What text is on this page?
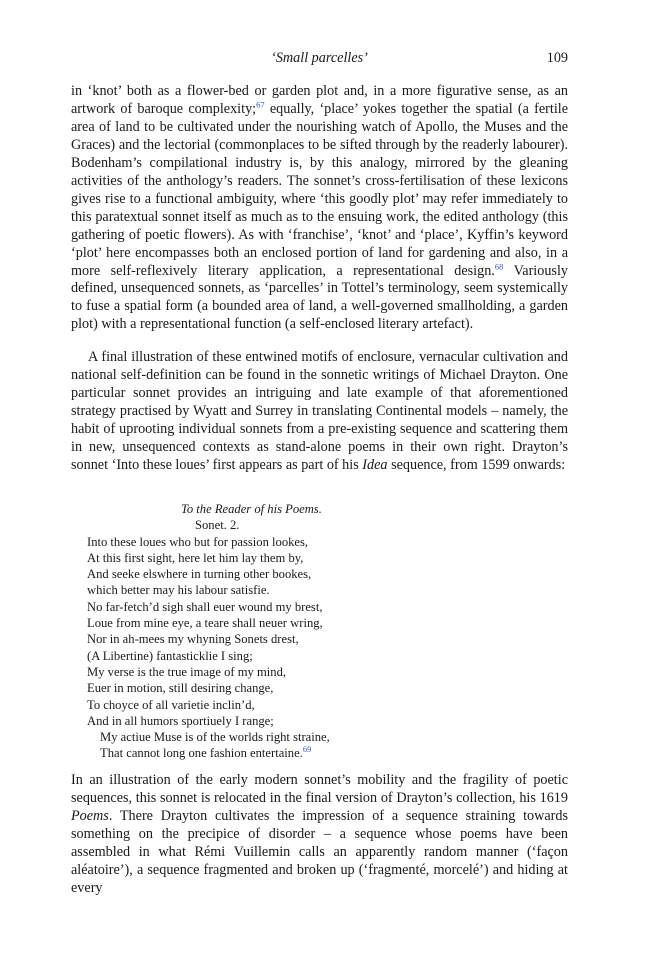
‘Small parcelles’	109

in ‘knot’ both as a flower-bed or garden plot and, in a more figurative sense, as an artwork of baroque complexity;$^{67}$ equally, ‘place’ yokes together the spatial (a fertile area of land to be cultivated under the nourishing watch of Apollo, the Muses and the Graces) and the lectorial (commonplaces to be sifted through by the readerly labourer). Bodenham’s compilational industry is, by this analogy, mirrored by the gleaning activities of the anthology’s readers. The sonnet’s cross-fertilisation of these lexicons gives rise to a functional ambiguity, where ‘this goodly plot’ may refer immediately to this paratextual sonnet itself as much as to the ensuing work, the edited anthology (this gathering of poetic flowers). As with ‘franchise’, ‘knot’ and ‘place’, Kyffin’s keyword ‘plot’ here encompasses both an enclosed portion of land for gardening and also, in a more self-reflexively literary application, a representational design.$^{68}$ Variously defined, unsequenced sonnets, as ‘parcelles’ in Tottel’s terminology, seem systemically to fuse a spatial form (a bounded area of land, a well-governed smallholding, a garden plot) with a representational function (a self-enclosed literary artefact).

A final illustration of these entwined motifs of enclosure, vernacular cultivation and national self-definition can be found in the sonnetic writings of Michael Drayton. One particular sonnet provides an intriguing and late example of that aforementioned strategy practised by Wyatt and Surrey in translating Continental models – namely, the habit of uprooting individual sonnets from a pre-existing sequence and scattering them in new, unsequenced contexts as stand-alone poems in their own right. Drayton’s sonnet ‘Into these loues’ first appears as part of his Idea sequence, from 1599 onwards:

To the Reader of his Poems.
Sonet. 2.
Into these loues who but for passion lookes,
At this first sight, here let him lay them by,
And seeke elswhere in turning other bookes,
which better may his labour satisfie.
No far-fetch’d sigh shall euer wound my brest,
Loue from mine eye, a teare shall neuer wring,
Nor in ah-mees my whyning Sonets drest,
(A Libertine) fantasticklie I sing;
My verse is the true image of my mind,
Euer in motion, still desiring change,
To choyce of all varietie inclin’d,
And in all humors sportiuely I range;
My actiue Muse is of the worlds right straine,
That cannot long one fashion entertaine.$^{69}$

In an illustration of the early modern sonnet’s mobility and the fragility of poetic sequences, this sonnet is relocated in the final version of Drayton’s collection, his 1619 Poems. There Drayton cultivates the impression of a sequence straining towards something on the precipice of disorder – a sequence whose poems have been assembled in what Rémi Vuillemin calls an apparently random manner (‘façon aléatoire’), a sequence fragmented and broken up (‘fragmenté, morcelé’) and hiding at every
